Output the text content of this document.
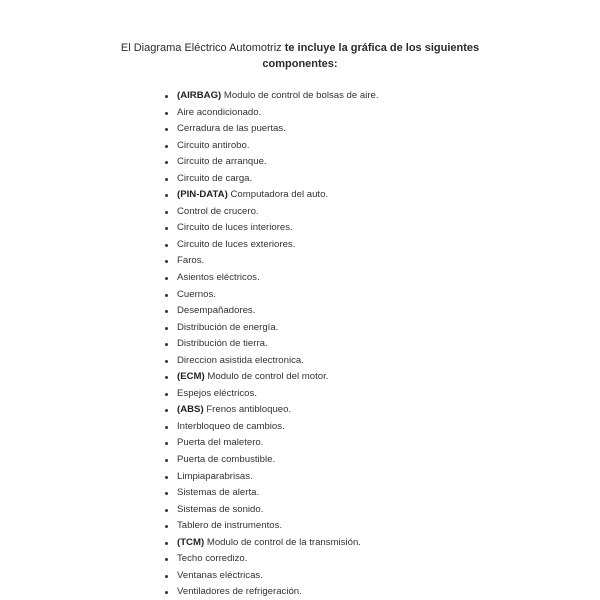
El Diagrama Eléctrico Automotriz te incluye la gráfica de los siguientes componentes:
(AIRBAG) Modulo de control de bolsas de aire.
Aire acondicionado.
Cerradura de las puertas.
Circuito antirobo.
Circuito de arranque.
Circuito de carga.
(PIN-DATA) Computadora del auto.
Control de crucero.
Circuito de luces interiores.
Circuito de luces exteriores.
Faros.
Asientos eléctricos.
Cuernos.
Desempañadores.
Distribución de energía.
Distribución de tierra.
Direccion asistida electronica.
(ECM) Modulo de control del motor.
Espejos eléctricos.
(ABS) Frenos antibloqueo.
Interbloqueo de cambios.
Puerta del maletero.
Puerta de combustible.
Limpiaparabrisas.
Sistemas de alerta.
Sistemas de sonido.
Tablero de instrumentos.
(TCM) Modulo de control de la transmisión.
Techo corredizo.
Ventanas eléctricas.
Ventiladores de refrigeración.
